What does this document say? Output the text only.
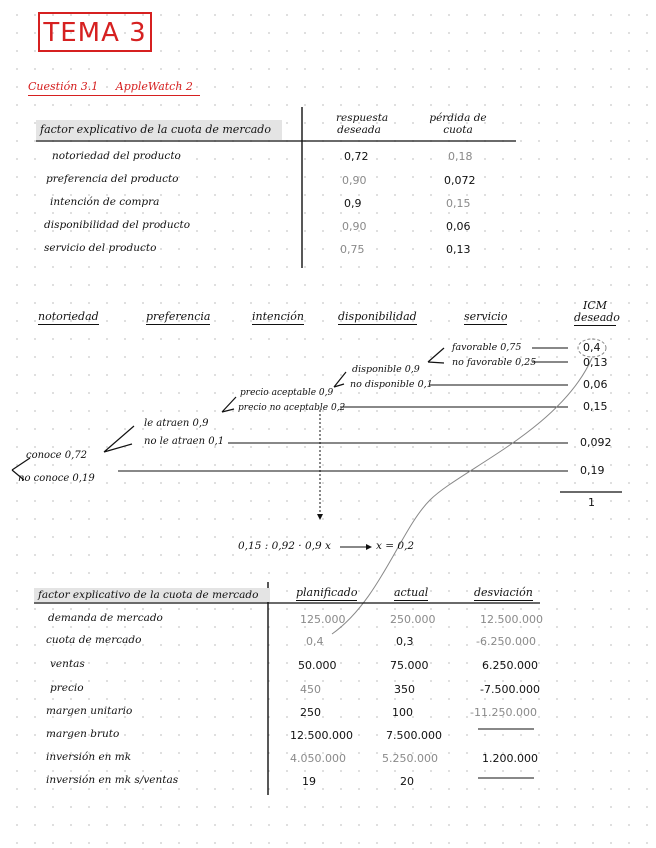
TEMA 3
Cuestión 3.1 AppleWatch 2
factor explicativo de la cuota de mercado
respuesta
deseada
pérdida de
cuota
notoriedad del producto	0,72	0,18
preferencia del producto	0,90	0,072
intención de compra	0,9	0,15
disponibilidad del producto	0,90	0,06
servicio del producto	0,75	0,13
notoriedad	preferencia	intención	disponibilidad	servicio
ICM
deseado
favorable 0,75
no favorable 0,25
disponible 0,9
no disponible 0,1
precio aceptable 0,9
precio no aceptable 0,2
le atraen 0,9
no le atraen 0,1
conoce 0,72
no conoce 0,19
0,4
0,13
0,06
0,15
0,092
0,19
1
0,15 : 0,92 · 0,9 x	x = 0,2
factor explicativo de la cuota de mercado	planificado	actual	desviación
demanda de mercado	125.000	250.000	12.500.000
cuota de mercado	0,4	0,3	-6.250.000
ventas	50.000	75.000	6.250.000
precio	450	350	-7.500.000
margen unitario	250	100	-11.250.000
margen bruto	12.500.000	7.500.000
inversión en mk	4.050.000	5.250.000	1.200.000
inversión en mk s/ventas	19	20
